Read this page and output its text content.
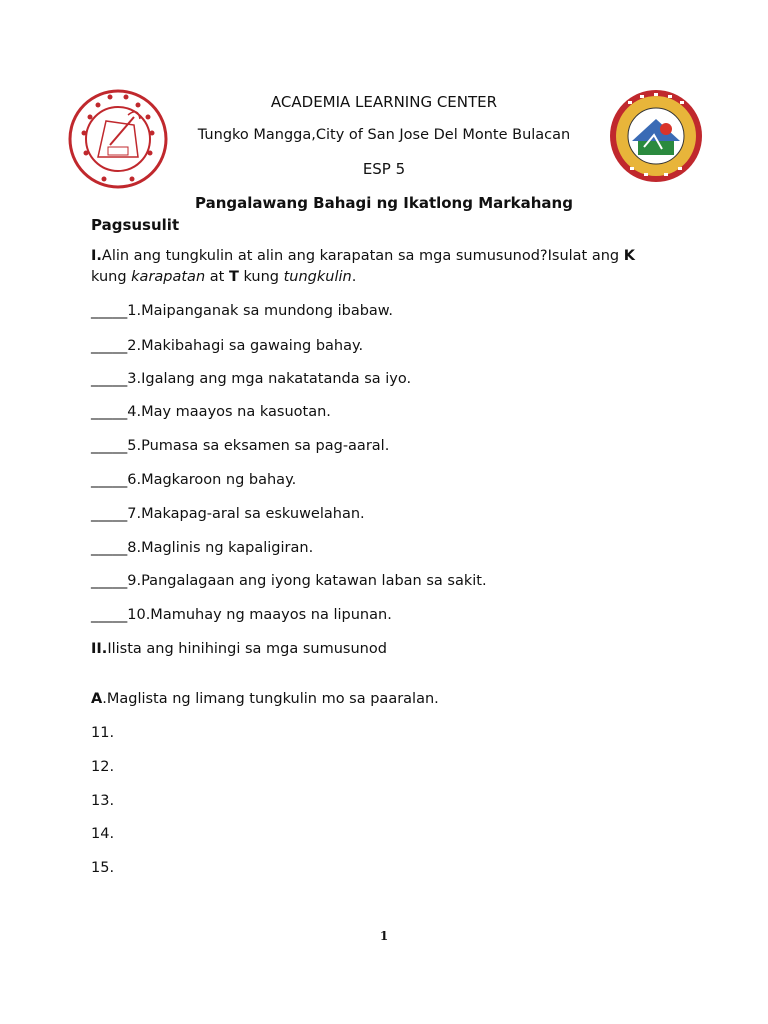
ACADEMIA LEARNING CENTER
Tungko Mangga,City of San Jose Del Monte Bulacan
ESP 5
Pangalawang Bahagi ng Ikatlong Markahang
Pagsusulit
I.Alin ang tungkulin at alin ang karapatan sa mga sumusunod?Isulat ang K
kung karapatan at T kung tungkulin.
_____1.Maipanganak sa mundong ibabaw.
_____2.Makibahagi sa gawaing bahay.
_____3.Igalang ang mga nakatatanda sa iyo.
_____4.May maayos na kasuotan.
_____5.Pumasa sa eksamen sa pag-aaral.
_____6.Magkaroon ng bahay.
_____7.Makapag-aral sa eskuwelahan.
_____8.Maglinis ng kapaligiran.
_____9.Pangalagaan ang iyong katawan laban sa sakit.
_____10.Mamuhay ng maayos na lipunan.
II.Ilista ang hinihingi sa mga sumusunod
A.Maglista ng limang tungkulin mo sa paaralan.
11.
12.
13.
14.
15.
1
